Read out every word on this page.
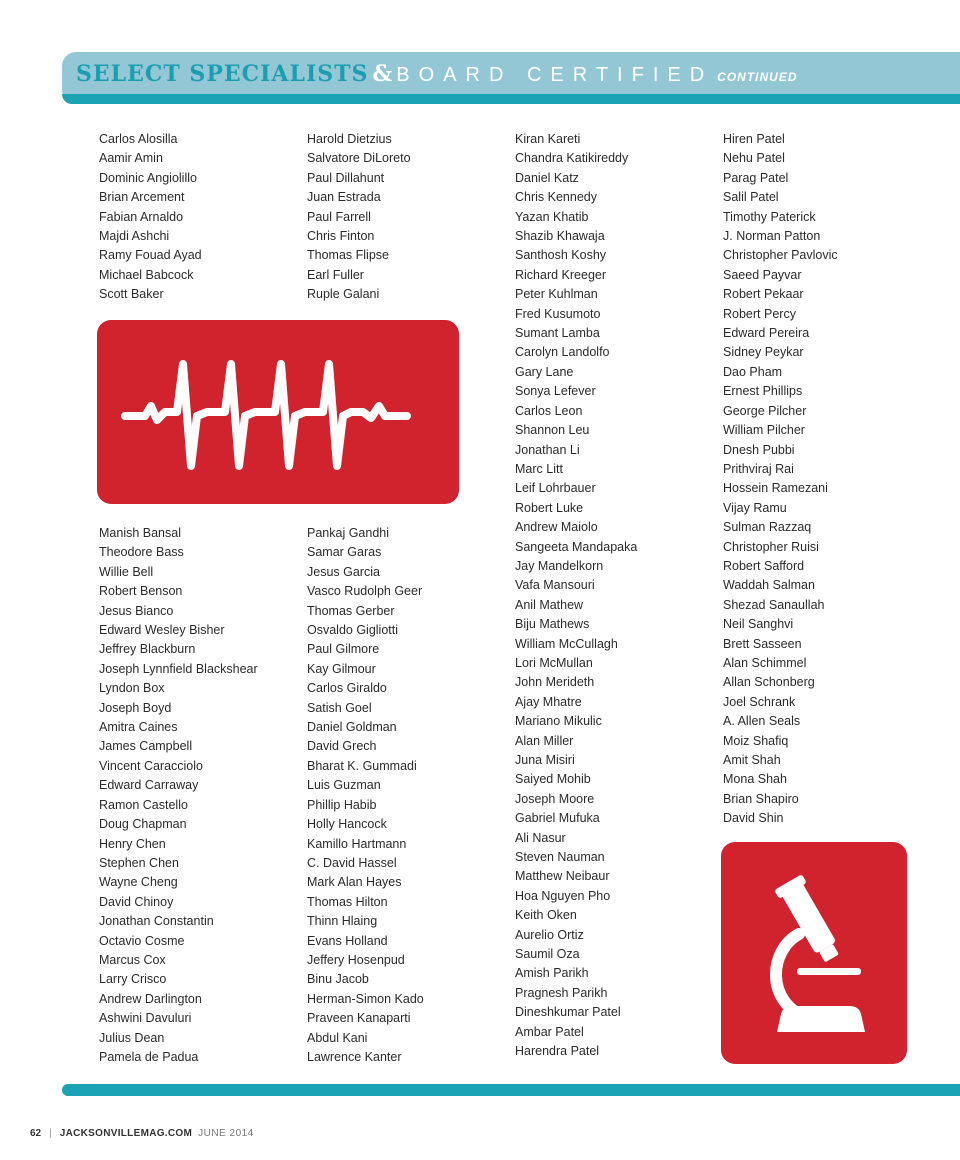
SELECT SPECIALISTS & BOARD CERTIFIED CONTINUED
Carlos Alosilla
Aamir Amin
Dominic Angiolillo
Brian Arcement
Fabian Arnaldo
Majdi Ashchi
Ramy Fouad Ayad
Michael Babcock
Scott Baker
Harold Dietzius
Salvatore DiLoreto
Paul Dillahunt
Juan Estrada
Paul Farrell
Chris Finton
Thomas Flipse
Earl Fuller
Ruple Galani
Manish Bansal
Theodore Bass
Willie Bell
Robert Benson
Jesus Bianco
Edward Wesley Bisher
Jeffrey Blackburn
Joseph Lynnfield Blackshear
Lyndon Box
Joseph Boyd
Amitra Caines
James Campbell
Vincent Caracciolo
Edward Carraway
Ramon Castello
Doug Chapman
Henry Chen
Stephen Chen
Wayne Cheng
David Chinoy
Jonathan Constantin
Octavio Cosme
Marcus Cox
Larry Crisco
Andrew Darlington
Ashwini Davuluri
Julius Dean
Pamela de Padua
Pankaj Gandhi
Samar Garas
Jesus Garcia
Vasco Rudolph Geer
Thomas Gerber
Osvaldo Gigliotti
Paul Gilmore
Kay Gilmour
Carlos Giraldo
Satish Goel
Daniel Goldman
David Grech
Bharat K. Gummadi
Luis Guzman
Phillip Habib
Holly Hancock
Kamillo Hartmann
C. David Hassel
Mark Alan Hayes
Thomas Hilton
Thinn Hlaing
Evans Holland
Jeffery Hosenpud
Binu Jacob
Herman-Simon Kado
Praveen Kanaparti
Abdul Kani
Lawrence Kanter
Kiran Kareti
Chandra Katikireddy
Daniel Katz
Chris Kennedy
Yazan Khatib
Shazib Khawaja
Santhosh Koshy
Richard Kreeger
Peter Kuhlman
Fred Kusumoto
Sumant Lamba
Carolyn Landolfo
Gary Lane
Sonya Lefever
Carlos Leon
Shannon Leu
Jonathan Li
Marc Litt
Leif Lohrbauer
Robert Luke
Andrew Maiolo
Sangeeta Mandapaka
Jay Mandelkorn
Vafa Mansouri
Anil Mathew
Biju Mathews
William McCullagh
Lori McMullan
John Merideth
Ajay Mhatre
Mariano Mikulic
Alan Miller
Juna Misiri
Saiyed Mohib
Joseph Moore
Gabriel Mufuka
Ali Nasur
Steven Nauman
Matthew Neibaur
Hoa Nguyen Pho
Keith Oken
Aurelio Ortiz
Saumil Oza
Amish Parikh
Pragnesh Parikh
Dineshkumar Patel
Ambar Patel
Harendra Patel
Hiren Patel
Nehu Patel
Parag Patel
Salil Patel
Timothy Paterick
J. Norman Patton
Christopher Pavlovic
Saeed Payvar
Robert Pekaar
Robert Percy
Edward Pereira
Sidney Peykar
Dao Pham
Ernest Phillips
George Pilcher
William Pilcher
Dnesh Pubbi
Prithviraj Rai
Hossein Ramezani
Vijay Ramu
Sulman Razzaq
Christopher Ruisi
Robert Safford
Waddah Salman
Shezad Sanaullah
Neil Sanghvi
Brett Sasseen
Alan Schimmel
Allan Schonberg
Joel Schrank
A. Allen Seals
Moiz Shafiq
Amit Shah
Mona Shah
Brian Shapiro
David Shin
62 | JACKSONVILLEMAG.COM JUNE 2014
